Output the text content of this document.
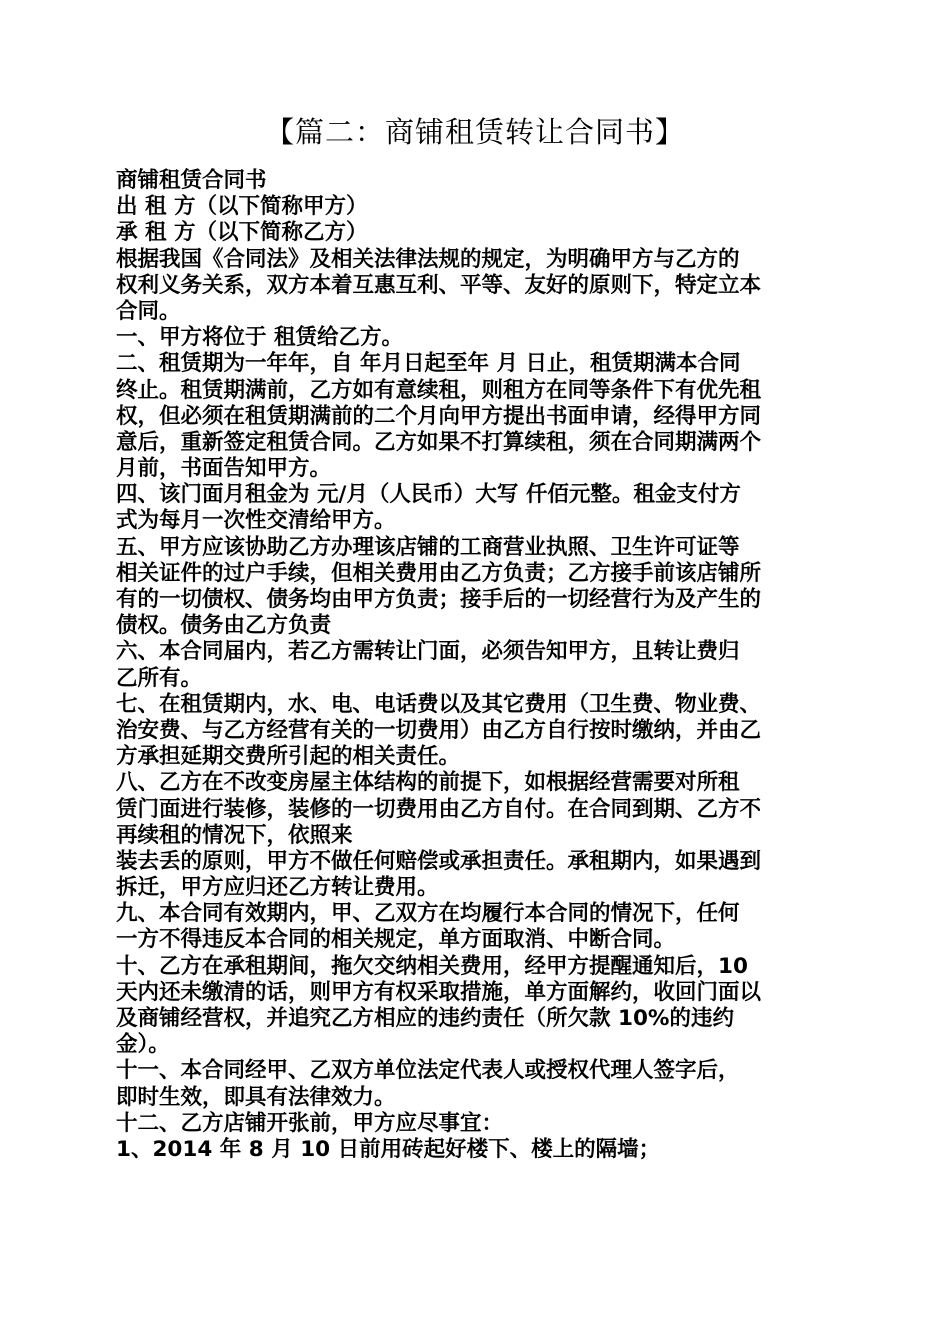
【篇二：商铺租赁转让合同书】
商铺租赁合同书
出 租 方（以下简称甲方）
承 租 方（以下简称乙方）
根据我国《合同法》及相关法律法规的规定，为明确甲方与乙方的
权利义务关系，双方本着互惠互利、平等、友好的原则下，特定立本
合同。
一、甲方将位于 租赁给乙方。
二、租赁期为一年年，自 年月日起至年 月 日止，租赁期满本合同
终止。租赁期满前，乙方如有意续租，则租方在同等条件下有优先租
权，但必须在租赁期满前的二个月向甲方提出书面申请，经得甲方同
意后，重新签定租赁合同。乙方如果不打算续租，须在合同期满两个
月前，书面告知甲方。
四、该门面月租金为 元/月（人民币）大写 仟佰元整。租金支付方
式为每月一次性交清给甲方。
五、甲方应该协助乙方办理该店铺的工商营业执照、卫生许可证等
相关证件的过户手续，但相关费用由乙方负责；乙方接手前该店铺所
有的一切债权、债务均由甲方负责；接手后的一切经营行为及产生的
债权。债务由乙方负责
六、本合同届内，若乙方需转让门面，必须告知甲方，且转让费归
乙所有。
七、在租赁期内，水、电、电话费以及其它费用（卫生费、物业费、
治安费、与乙方经营有关的一切费用）由乙方自行按时缴纳，并由乙
方承担延期交费所引起的相关责任。
八、乙方在不改变房屋主体结构的前提下，如根据经营需要对所租
赁门面进行装修，装修的一切费用由乙方自付。在合同到期、乙方不
再续租的情况下，依照来
装去丢的原则，甲方不做任何赔偿或承担责任。承租期内，如果遇到
拆迁，甲方应归还乙方转让费用。
九、本合同有效期内，甲、乙双方在均履行本合同的情况下，任何
一方不得违反本合同的相关规定，单方面取消、中断合同。
十、乙方在承租期间，拖欠交纳相关费用，经甲方提醒通知后，10
天内还未缴清的话，则甲方有权采取措施，单方面解约，收回门面以
及商铺经营权，并追究乙方相应的违约责任（所欠款 10%的违约
金）。
十一、本合同经甲、乙双方单位法定代表人或授权代理人签字后，
即时生效，即具有法律效力。
十二、乙方店铺开张前，甲方应尽事宜：
1、2014 年 8 月 10 日前用砖起好楼下、楼上的隔墙；
